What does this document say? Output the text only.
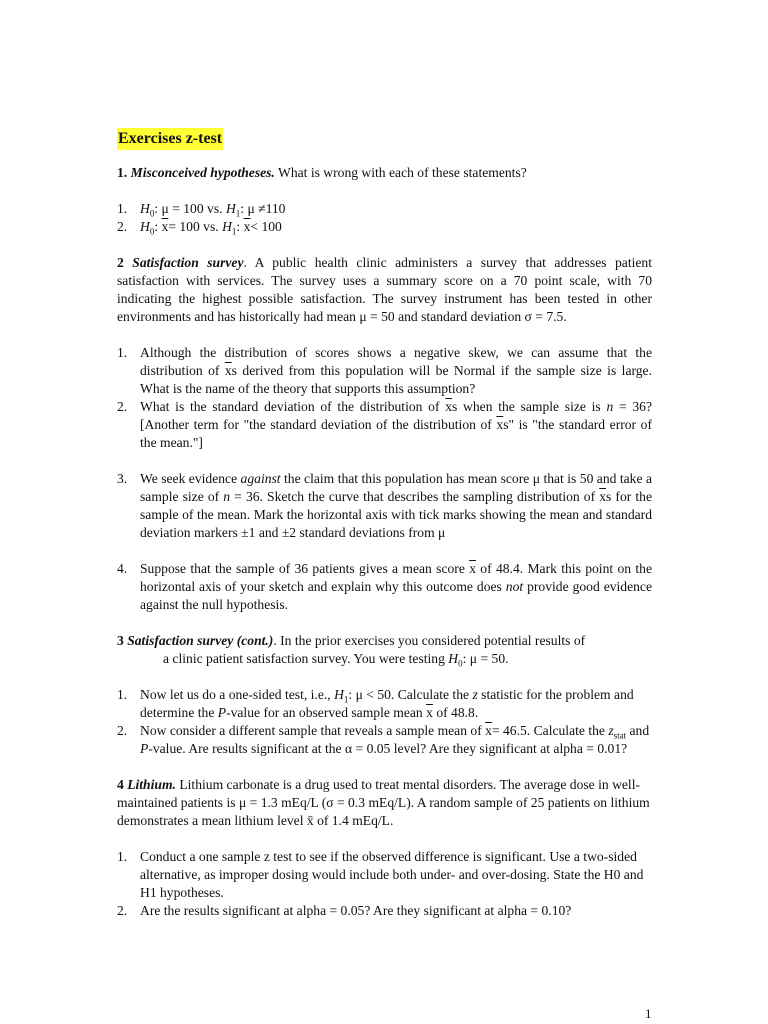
Exercises z-test

1. Misconceived hypotheses. What is wrong with each of these statements?

1. $H_0$: μ = 100 vs. $H_1$: μ ≠110
2. $H_0$: $\overline{x}= 100$ vs. $H_1$: $\overline{x}< 100$

2 Satisfaction survey. A public health clinic administers a survey that addresses patient satisfaction with services. The survey uses a summary score on a 70 point scale, with 70 indicating the highest possible satisfaction. The survey instrument has been tested in other environments and has historically had mean μ = 50 and standard deviation σ = 7.5.

1. Although the distribution of scores shows a negative skew, we can assume that the distribution of $\overline{x}s$ derived from this population will be Normal if the sample size is large. What is the name of the theory that supports this assumption?
2. What is the standard deviation of the distribution of $\overline{x}s$ when the sample size is n = 36? [Another term for "the standard deviation of the distribution of $\overline{x}s$" is "the standard error of the mean."]
3. We seek evidence against the claim that this population has mean score μ that is 50 and take a sample size of n = 36. Sketch the curve that describes the sampling distribution of $\overline{x}s$ for the sample of the mean. Mark the horizontal axis with tick marks showing the mean and standard deviation markers ±1 and ±2 standard deviations from μ
4. Suppose that the sample of 36 patients gives a mean score $\overline{x}$ of 48.4. Mark this point on the horizontal axis of your sketch and explain why this outcome does not provide good evidence against the null hypothesis.

3 Satisfaction survey (cont.). In the prior exercises you considered potential results of

a clinic patient satisfaction survey. You were testing $H_0$: μ = 50.

1. Now let us do a one-sided test, i.e., $H_1$: μ < 50. Calculate the z statistic for the problem and determine the P-value for an observed sample mean $\overline{x}$ of 48.8.
2. Now consider a different sample that reveals a sample mean of $\overline{x}= 46.5$. Calculate the $z_{stat}$ and P-value. Are results significant at the α = 0.05 level? Are they significant at alpha = 0.01?

4 Lithium. Lithium carbonate is a drug used to treat mental disorders. The average dose in well-maintained patients is μ = 1.3 mEq/L (σ = 0.3 mEq/L). A random sample of 25 patients on lithium demonstrates a mean lithium level x̄ of 1.4 mEq/L.

1. Conduct a one sample z test to see if the observed difference is significant. Use a two-sided alternative, as improper dosing would include both under- and over-dosing. State the H0 and H1 hypotheses.
2. Are the results significant at alpha = 0.05? Are they significant at alpha = 0.10?
1
